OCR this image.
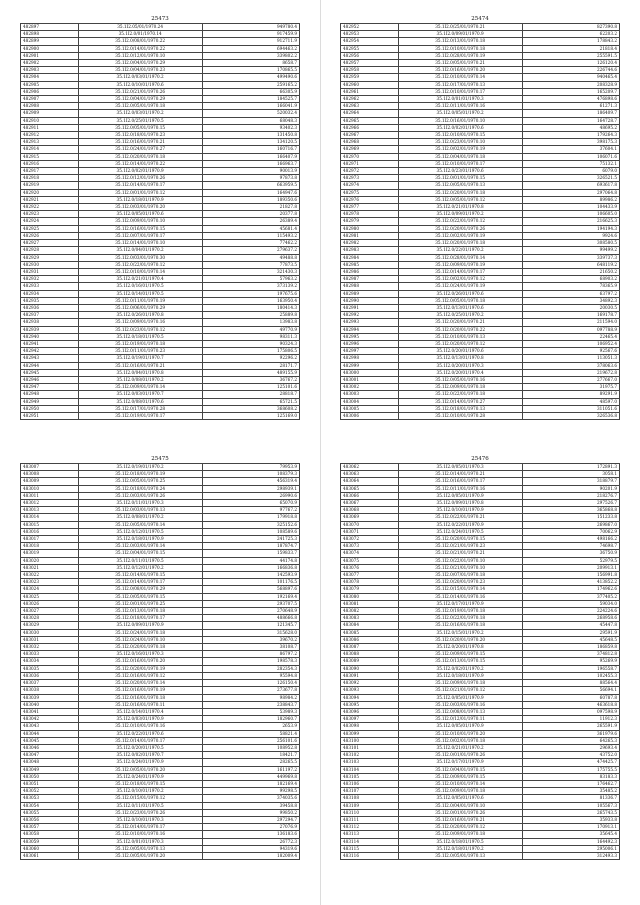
25473
482897	35.1I2.05/01/1970.24	949780.4
482898	35.1I2.0/01/1970.14	917459.9
482899	35.1I2.0/08/01/1970.22	912711.9
482900	35.1I2.0/14/01/1970.22	694463.2
482901	35.1I2.0/12/01/1970.10	339802.2
482902	35.1I2.0/04/01/1970.29	8658.7
482903	35.1I2.0/04/01/1970.23	170865.5
482904	35.1I2.0/03/01/1970.2	499490.6
482905	35.1I2.0/10/01/1970.6	259165.2
482906	35.1I2.0/21/01/1970.26	66305.9
482907	35.1I2.0/04/01/1970.29	184525.7
482908	35.1I2.0/05/01/1970.18	166041.9
482909	35.1I2.0/03/01/1970.2	520032.4
482910	35.1I2.0/25/01/1970.5	68048.3
482911	35.1I2.0/05/01/1970.15	93402.3
482912	35.1I2.0/18/01/1970.23	131450.8
482913	35.1I2.0/16/01/1970.21	134120.5
482914	35.1I2.0/24/01/1970.27	160716.7
482915	35.1I2.0/20/01/1970.18	166407.9
482916	35.1I2.0/14/01/1970.22	166963.7
482917	35.1I2.0/02/01/1970.9	90013.9
482918	35.1I2.0/12/01/1970.26	97873.8
482919	35.1I2.0/14/01/1970.17	663959.5
482920	35.1I2.0/01/01/1970.12	164947.6
482921	35.1I2.0/18/01/1970.9	189350.6
482922	35.1I2.0/03/01/1970.20	21827.8
482923	35.1I2.0/05/01/1970.6	20377.8
482924	35.1I2.0/09/01/1970.10	26389.4
482925	35.1I2.0/16/01/1970.15	45681.4
482926	35.1I2.0/07/01/1970.17	115493.2
482927	35.1I2.0/14/01/1970.10	77462.2
482928	35.1I2.0/04/01/1970.2	279637.2
482929	35.1I2.0/03/01/1970.30	49488.8
482930	35.1I2.0/22/01/1970.12	77873.5
482931	35.1I2.0/10/01/1970.14	321430.3
482932	35.1I2.0/21/01/1970.4	57963.2
482933	35.1I2.0/16/01/1970.5	373139.2
482934	35.1I2.0/14/01/1970.5	197675.6
482935	35.1I2.0/11/01/1970.19	163950.4
482936	35.1I2.0/06/01/1970.29	180414.3
482937	35.1I2.0/26/01/1970.8	25889.8
482938	35.1I2.0/09/01/1970.16	13983.8
482939	35.1I2.0/23/01/1970.12	49770.9
482940	35.1I2.0/18/01/1970.5	98311.3
482941	35.1I2.0/19/01/1970.18	90324.3
482942	35.1I2.0/11/01/1970.23	175806.5
482943	35.1I2.0/19/01/1970.7	92296.2
482944	35.1I2.0/16/01/1970.21	28171.7
482945	35.1I2.0/04/01/1970.8	489155.9
482946	35.1I2.0/08/01/1970.2	36767.2
482947	35.1I2.0/09/01/1970.14	125101.6
482948	35.1I2.0/03/01/1970.7	28818.7
482949	35.1I2.0/08/01/1970.6	65721.5
482950	35.1I2.0/17/01/1970.28	368608.2
482951	35.1I2.0/19/01/1970.17	125169.0
25474
482952	35.1I2.0/25/01/1970.21	827390.8
482953	35.1I2.0/09/01/1970.9	62203.2
482954	35.1I2.0/13/01/1970.18	178843.2
482955	35.1I2.0/10/01/1970.18	21818.4
482956	35.1I2.0/28/01/1970.19	255591.5
482957	35.1I2.0/05/01/1970.21	126120.4
482958	35.1I2.0/16/01/1970.20	226744.6
482959	35.1I2.0/10/01/1970.14	940465.4
482960	35.1I2.0/17/01/1970.13	208328.9
482961	35.1I2.0/10/01/1970.17	165209.7
482962	35.1I2.0/01/01/1970.3	476898.6
482963	35.1I2.0/11/01/1970.16	61271.3
482964	35.1I2.0/05/01/1970.2	186409.7
482965	35.1I2.0/16/01/1970.10	164728.7
482966	35.1I2.0/02/01/1970.6	48695.2
482967	35.1I2.0/10/01/1970.15	179264.3
482968	35.1I2.0/23/01/1970.10	398175.3
482969	35.1I2.0/02/01/1970.19	37604.1
482970	35.1I2.0/04/01/1970.18	106071.6
482971	35.1I2.0/10/01/1970.17	75132.1
482972	35.1I2.0/23/01/1970.6	6079.0
482973	35.1I2.0/01/01/1970.15	326521.5
482974	35.1I2.0/05/01/1970.13	693617.8
482975	35.1I2.0/20/01/1970.18	297064.8
482976	35.1I2.0/05/01/1970.12	89986.2
482977	35.1I2.0/21/01/1970.8	104433.9
482978	35.1I2.0/09/01/1970.2	106605.0
482979	35.1I2.0/22/01/1970.12	216625.3
482980	35.1I2.0/20/01/1970.26	194194.3
482981	35.1I2.0/02/01/1970.19	9924.6
482982	35.1I2.0/20/01/1970.18	308580.5
482983	35.1I2.0/22/01/1970.2	99499.2
482984	35.1I2.0/28/01/1970.14	339737.3
482985	35.1I2.0/09/01/1970.19	648119.2
482986	35.1I2.0/14/01/1970.17	21650.2
482987	35.1I2.0/02/01/1970.12	68903.2
482988	35.1I2.0/24/01/1970.19	78365.9
482989	35.1I2.0/26/01/1970.6	63797.2
482990	35.1I2.0/05/01/1970.18	34892.3
482991	35.1I2.0/13/01/1970.6	20030.5
482992	35.1I2.0/25/01/1970.2	169178.7
482993	35.1I2.0/20/01/1970.21	211594.0
482994	35.1I2.0/20/01/1970.22	097788.9
482995	35.1I2.0/10/01/1970.13	22465.4
482996	35.1I2.0/20/01/1970.12	106952.4
482997	35.1I2.0/20/01/1970.6	92567.6
482998	35.1I2.0/13/01/1970.8	113051.3
482999	35.1I2.0/20/01/1970.3	378063.6
483000	35.1I2.0/20/01/1970.4	219672.8
483001	35.1I2.0/05/01/1970.16	277667.0
483002	35.1I2.0/09/01/1970.18	31975.7
483003	35.1I2.0/22/01/1970.18	89291.9
483004	35.1I2.0/14/01/1970.27	48597.0
483005	35.1I2.0/18/01/1970.13	311051.6
483006	35.1I2.0/10/01/1970.28	326536.8
25475
483007	35.1I2.0/19/01/1970.2	79953.9
483008	35.1I2.0/18/01/1970.19	108379.3
483009	35.1I2.0/05/01/1970.25	456319.4
483010	35.1I2.0/18/01/1970.24	298939.1
483011	35.1I2.0/03/01/1970.26	26990.6
483012	35.1I2.0/11/01/1970.3	65070.9
483013	35.1I2.0/03/01/1970.13	97767.2
483014	35.1I2.0/08/01/1970.2	179918.8
483015	35.1I2.0/05/01/1970.14	325152.6
483016	35.1I2.0/12/01/1970.5	108589.6
483017	35.1I2.0/18/01/1970.9	241725.3
483018	35.1I2.0/03/01/1970.14	187874.7
483019	35.1I2.0/04/01/1970.15	159833.7
483020	35.1I2.0/11/01/1970.5	44174.8
483021	35.1I2.0/12/01/1970.2	166836.8
483022	35.1I2.0/14/01/1970.15	142593.9
483023	35.1I2.0/14/01/1970.17	101176.5
483024	35.1I2.0/08/01/1970.29	568897.6
483025	35.1I2.0/05/01/1970.15	192169.4
483026	35.1I2.0/01/01/1970.25	293707.5
483027	35.1I2.0/13/01/1970.18	270648.9
483028	35.1I2.0/18/01/1970.17	488666.8
483029	35.1I2.0/09/01/1970.9	121345.7
483030	35.1I2.0/24/01/1970.18	315628.0
483031	35.1I2.0/24/01/1970.10	39670.2
483032	35.1I2.0/20/01/1970.18	38108.7
483033	35.1I2.0/16/01/1970.3	86797.2
483034	35.1I2.0/16/01/1970.20	198578.3
483035	35.1I2.0/20/01/1970.19	282354.3
483036	35.1I2.0/16/01/1970.12	95594.8
483037	35.1I2.0/20/01/1970.14	126150.4
483038	35.1I2.0/16/01/1970.19	273677.8
483039	35.1I2.0/16/01/1970.18	98984.2
483040	35.1I2.0/16/01/1970.11	238843.7
483041	35.1I2.0/14/01/1970.4	53989.3
483042	35.1I2.0/03/01/1970.9	182960.7
483043	35.1I2.0/10/01/1970.16	2653.9
483044	35.1I2.0/22/01/1970.6	58821.4
483045	35.1I2.0/14/01/1970.17	256101.6
483046	35.1I2.0/20/01/1970.5	108952.8
483047	35.1I2.0/02/01/1970.7	18421.7
483048	35.1I2.0/24/01/1970.9	28265.5
483049	35.1I2.0/05/01/1970.20	161197.2
483050	35.1I2.0/24/01/1970.9	449969.8
483051	35.1I2.0/18/01/1970.15	182169.4
483052	35.1I2.0/10/01/1970.2	99298.5
483053	35.1I2.0/15/01/1970.12	374035.6
483054	35.1I2.0/11/01/1970.5	39458.8
483055	35.1I2.0/23/01/1970.26	99850.2
483056	35.1I2.0/10/01/1970.3	297294.7
483057	35.1I2.0/14/01/1970.17	27076.9
483058	35.1I2.0/10/01/1970.16	136183.6
483059	35.1I2.0/01/01/1970.3	26772.3
483060	35.1I2.0/05/01/1970.13	94319.6
483061	35.1I2.0/05/01/1970.20	182009.4
25476
483062	35.1I2.0/05/01/1970.3	172891.3
483063	35.1I2.0/14/01/1970.21	3058.1
483064	35.1I2.0/16/01/1970.17	318879.7
483065	35.1I2.0/11/01/1970.16	90201.9
483066	35.1I2.0/05/01/1970.9	218276.7
483067	35.1I2.0/09/01/1970.8	297526.7
483068	35.1I2.0/10/01/1970.9	365868.8
483069	35.1I2.0/22/01/1970.21	151233.8
483070	35.1I2.0/22/01/1970.9	269867.0
483071	35.1I2.0/24/01/1970.5	70062.9
483072	35.1I2.0/20/01/1970.15	498166.2
483073	35.1I2.0/21/01/1970.23	74698.7
483074	35.1I2.0/21/01/1970.21	36750.9
483075	35.1I2.0/22/01/1970.10	52979.5
483076	35.1I2.0/21/01/1970.10	209913.1
483077	35.1I2.0/07/01/1970.18	156991.8
483078	35.1I2.0/20/01/1970.23	413852.2
483079	35.1I2.0/15/01/1970.14	174962.6
483080	35.1I2.0/14/01/1970.16	377405.2
483081	35.1I2.0/17/01/1970.9	59034.0
483082	35.1I2.0/19/01/1970.18	224224.6
483083	35.1I2.0/22/01/1970.18	268958.6
483084	35.1I2.0/16/01/1970.18	45447.8
483085	35.1I2.0/15/01/1970.2	29591.9
483086	35.1I2.0/20/01/1970.20	45648.5
483087	35.1I2.0/20/01/1970.8	186859.8
483088	35.1I2.0/09/01/1970.15	374812.8
483089	35.1I2.0/13/01/1970.15	95269.9
483090	35.1I2.0/02/01/1970.2	196558.7
483091	35.1I2.0/18/01/1970.9	102455.3
483092	35.1I2.0/09/01/1970.18	88564.4
483093	35.1I2.0/21/01/1970.12	56694.1
483094	35.1I2.0/05/01/1970.9	60787.8
483095	35.1I2.0/03/01/1970.16	463618.8
483096	35.1I2.0/08/01/1970.13	097598.9
483097	35.1I2.0/12/01/1970.11	11912.3
483098	35.1I2.0/05/01/1970.9	265591.9
483099	35.1I2.0/10/01/1970.20	361979.6
483100	35.1I2.0/02/01/1970.18	64265.3
483101	35.1I2.0/21/01/1970.2	29693.4
483102	35.1I2.0/01/01/1970.26	43752.0
483103	35.1I2.0/17/01/1970.9	474425.7
483104	35.1I2.0/04/01/1970.15	175755.5
483105	35.1I2.0/09/01/1970.15	83183.3
483106	35.1I2.0/10/01/1970.14	176462.7
483107	35.1I2.0/09/01/1970.18	35485.2
483108	35.1I2.0/05/01/1970.6	81336.7
483109	35.1I2.0/04/01/1970.10	105567.3
483110	35.1I2.0/01/01/1970.26	265743.5
483111	35.1I2.0/16/01/1970.21	35933.8
483112	35.1I2.0/20/01/1970.12	170913.1
483113	35.1I2.0/09/01/1970.18	35645.4
483114	35.1I2.0/18/01/1970.5	164492.3
483115	35.1I2.0/18/01/1970.2	295006.1
483116	35.1I2.0/05/01/1970.13	312493.3
